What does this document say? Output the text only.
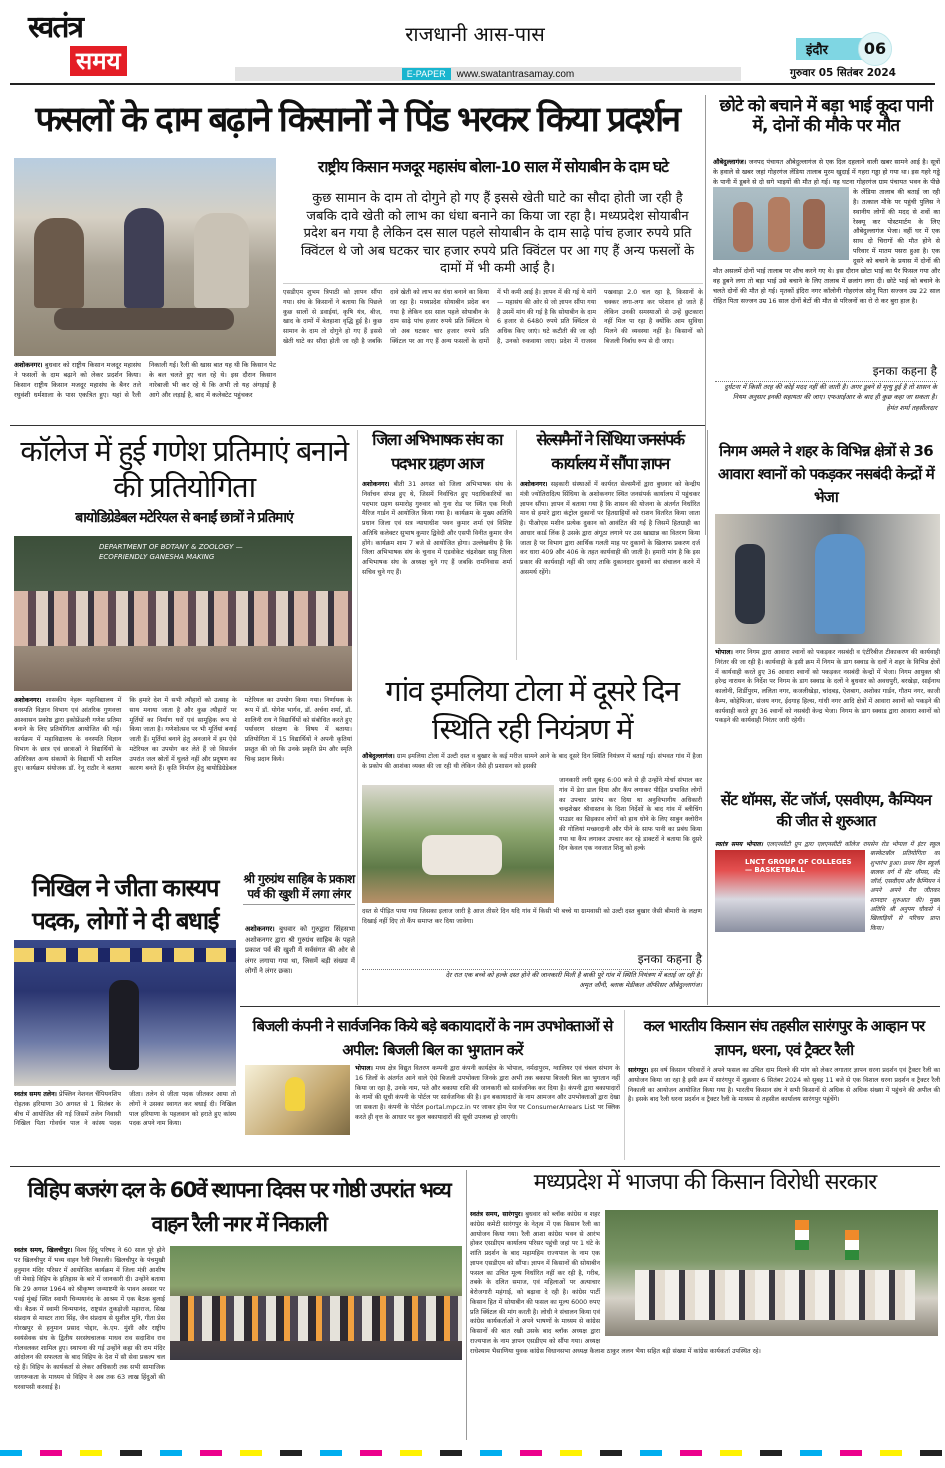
स्वतंत्र
समय
राजधानी आस-पास
E-PAPER	www.swatantrasamay.com
इंदौर	06
गुरुवार 05 सितंबर 2024
फसलों के दाम बढ़ाने किसानों ने पिंड भरकर किया प्रदर्शन
अशोकनगर। बुधवार को राष्ट्रीय किसान मजदूर महासंघ ने फसलों के दाम बढ़ाने को लेकर प्रदर्शन किया। किसान राष्ट्रीय किसान मजदूर महासंघ के बैनर तले रघुवंशी धर्मशाला के पास एकत्रित हुए। यहां से रैली निकाली गई। रैली की खास बात यह थी कि किसान पेट के बल चलते हुए चल रहे थे। इस दौरान किसान नारेबाजी भी कर रहे थे कि अभी तो यह अंगड़ाई है आगे और लड़ाई है, बाद में कलेक्टेट पहुंचकर
राष्ट्रीय किसान मजदूर महासंघ बोला-10 साल में सोयाबीन के दाम घटे
कुछ सामान के दाम तो दोगुने हो गए हैं इससे खेती घाटे का सौदा होती जा रही है जबकि दावे खेती को लाभ का धंधा बनाने का किया जा रहा है। मध्यप्रदेश सोयाबीन प्रदेश बन गया है लेकिन दस साल पहले सोयाबीन के दाम साढ़े पांच हजार रुपये प्रति क्विंटल थे जो अब घटकर चार हजार रुपये प्रति क्विंटल पर आ गए हैं अन्य फसलों के दामों में भी कमी आई है।
एसडीएम शुभम त्रिपाठी को ज्ञापन सौंपा गया। संघ के किसानों ने बताया कि पिछले कुछ सालों से डवाईयां, कृषि यंत्र, बीज, खाद के दामों में बेतहाशा वृद्धि हुई है। कुछ सामान के दाम तो दोगुने हो गए हैं इससे खेती घाटे का सौदा होती जा रही है जबकि दावे खेती को लाभ का धंधा बनाने का किया जा रहा है। मध्यप्रदेश सोयाबीन प्रदेश बन गया है लेकिन दस साल पहले सोयाबीन के दाम साढ़े पांच हजार रुपये प्रति क्विंटल थे जो अब घटकर चार हजार रुपये प्रति क्विंटल पर आ गए हैं अन्य फसलों के दामों में भी कमी आई है। ज्ञापन में की गई ये मांगें — महासंघ की ओर से जो ज्ञापन सौंपा गया है उसमें मांग की गई है कि सोयाबीन के दाम 6 हजार से 6480 रुपये प्रति क्विंटल से अधिक किए जाएं। घटे कटौती की जा रही है, उनको रुकवाया जाए। प्रदेश में राजस्व पखवाड़ा 2.0 चल रहा है, किसानों के चक्कर लगा-लगा कर परेशान हो जाते हैं लेकिन उनकी समस्याओं से उन्हें छुटकारा नहीं मिल पा रहा है क्योंकि आम सुविधा मिलने की व्यवस्था नहीं है। किसानों को बिजली निर्बाध रूप से दी जाए।
छोटे को बचाने में बड़ा भाई कूदा पानी में, दोनों की मौके पर मौत
औबेदुल्लागंज। जनपद पंचायत औबेदुल्लागंज से एक दिल दहलाने वाली खबर सामने आई है। सूत्रों के हवाले से खबर जहां गोहरगंज लेंडिया तालाब मुरम खुदाई में गहरा गड्ढा हो गया था। इस गहरे गड्ढे के पानी में डूबने से दो सगे भाइयों की मौत हो गई। यह घटना गोहरगंज ग्राम पंचायत भवन के पीछे के लेंडिया तालाब की बताई जा रही है। तत्काल मौके पर पहुंची पुलिस ने स्थानीय लोगों की मदद से शवों का रेस्क्यू कर पोस्टमार्टम के लिए औबेदुल्लागंज भेजा। वहीं घर में एक साथ दो चिरागों की मौत होने से परिवार में मातम पसरा हुआ है। एक दूसरे को बचाने के प्रयास में दोनों की मौत असलमें दोनों भाई तालाब पर शौच करने गए थे। इस दौरान छोटा भाई का पैर फिसल गया और वह डूबने लगा तो बड़ा भाई उसे बचाने के लिए तालाब में छलांग लगा दी। छोटे भाई को बचाने के चलते दोनों की मौत हो गई। मृतकों इंदिरा नगर कॉलोनी गोहरगंज सोनू पिता सज्जन उम्र 22 साल रोहित पिता सज्जन उम्र 16 साल दोनों बेटों की मौत से परिजनों का रो रो कर बुरा हाल है।
इनका कहना है
दुर्घटना में किसी तरह की कोई मदद नहीं की जाती है। अगर डूबने से मृत्यु हुई है तो शासन के नियम अनुसार इनकी सहायता की जाए। एफआईआर के बाद ही कुछ कहा जा सकता है।
हेमंत शर्मा तहसीलदार
कॉलेज में हुई गणेश प्रतिमाएं बनाने की प्रतियोगिता
बायोडिग्रेडेबल मटेरियल से बनाईं छात्रों ने प्रतिमाएं
DEPARTMENT OF BOTANY & ZOOLOGY — ECOFRIENDLY GANESHA MAKING
अशोकनगर। शासकीय नेहरू महाविद्यालय में वनस्पति विज्ञान विभाग एवं आंतरिक गुणवत्ता आश्वासन प्रकोष्ठ द्वारा इकोफ्रेंडली गणेश प्रतिमा बनाने के लिए प्रतियोगिता आयोजित की गई। कार्यक्रम में महाविद्यालय के वनस्पति विज्ञान विभाग के छात्र एवं छात्राओं ने विद्यार्थियों के अतिरिक्त अन्य संकायों के विद्यार्थी भी शामिल हुए। कार्यक्रम संयोजक डॉ. रेनू राठौर ने बताया कि हमारे देश में सभी त्यौहारों को उत्साह के साथ मनाया जाता है और कुछ त्यौहारों पर मूर्तियों का निर्माण घरों एवं सामूहिक रूप से किया जाता है। गणेशोत्सव पर भी मूर्तियां बनाई जाती हैं। मूर्तियां बनाने हेतु अनजाने में हम ऐसे मटेरियल का उपयोग कर लेते हैं जो विसर्जन उपरांत जल स्रोतों में घुलते नहीं और प्रदूषण का कारण बनते हैं। कृति निर्माण हेतु बायोडिग्रेडेबल मटेरियल का उपयोग किया गया। निर्णायक के रूप में डॉ. योगेश भार्गव, डॉ. अर्चना शर्मा, डॉ. शालिनी राय ने विद्यार्थियों को संबोधित करते हुए पर्यावरण संरक्षण के विषय में बताया। प्रतियोगिता में 15 विद्यार्थियों ने अपनी कृतियां प्रस्तुत की जो कि उनके प्रकृति प्रेम और स्मृति चिन्ह प्रदान किये।
जिला अभिभाषक संघ का पदभार ग्रहण आज
अशोकनगर। बीती 31 अगस्त को जिला अभिभाषक संघ के निर्वाचन संपन्न हुए थे, जिसमें निर्वाचित हुए पदाधिकारियों का पदभार ग्रहण समारोह गुरुवार को गुना रोड पर स्थित एक निजी मैरिज गार्डन में आयोजित किया गया है। कार्यक्रम के मुख्य अतिथि प्रधान जिला एवं सत्र न्यायाधीश पवन कुमार शर्मा एवं विशिष्ट अतिथि कलेक्टर सुभाष कुमार द्विवेदी और एसपी विनीत कुमार जैन होंगे। कार्यक्रम शाम 7 बजे से आयोजित होगा। उल्लेखनीय है कि जिला अभिभाषक संघ के चुनाव में एडवोकेट चंद्रशेखर साहू जिला अभिभाषक संघ के अध्यक्ष चुने गए हैं जबकि रामनिवास शर्मा सचिव चुने गए हैं।
सेल्समैनों ने सिंधिया जनसंपर्क कार्यालय में सौंपा ज्ञापन
अशोकनगर। सहकारी संस्थाओं में कार्यरत सेल्समैनों द्वारा बुधवार को केन्द्रीय मंत्री ज्योतिरादित्य सिंधिया के अशोकनगर स्थित जनसंपर्क कार्यालय में पहुंचकर ज्ञापन सौंपा। ज्ञापन में बताया गया है कि शासन की योजना के अंतर्गत निर्धारित मान से हमारे द्वारा कंट्रोल दुकानों पर हितग्राहियों को राशन वितरित किया जाता है। पीओएस मशीन प्रत्येक दुकान को आवंटित की गई है जिसमें हितग्राही का आधार कार्ड लिंक है उसके द्वारा अंगूठा लगाने पर उस खाद्यान्न का वितरण किया जाता है पर विभाग द्वारा आर्थिक गलती माह पर दुकानों के खिलाफ प्रकरण दर्ज कर धारा 409 और 406 के तहत कार्यवाही की जाती है। हमारी मांग है कि इस प्रकार की कार्यवाही नहीं की जाए ताकि दुकानदार दुकानों का संचालन करने में असमर्थ रहेंगे।
निगम अमले ने शहर के विभिन्न क्षेत्रों से 36 आवारा श्वानों को पकड़कर नसबंदी केन्द्रों में भेजा
भोपाल। नगर निगम द्वारा आवारा श्वानों को पकड़कर नसबंदी व एंटीरैबीज टीकाकरण की कार्यवाही निरंतर की जा रही है। कार्यवाही के इसी क्रम में निगम के डाग स्क्वाड के दलों ने शहर के विभिन्न क्षेत्रों में कार्यवाही करते हुए 36 आवारा श्वानों को पकड़कर नसबंदी केन्द्रों में भेजा। निगम आयुक्त श्री हरेन्द्र नारायन के निर्देश पर निगम के डाग स्क्वाड के दलों ने बुधवार को अवधपुरी, बरखेड़ा, साईंनाथ कालोनी, शिर्डीपुरम, ललिता नगर, कजलीखेड़ा, चांदबड़, ऐशबाग, अशोका गार्डन, गौतम नगर, काजी कैम्प, कोहेफिजा, संजय नगर, ईदगाह हिल्स, गांधी नगर आदि क्षेत्रों में आवारा श्वानों को पकड़ने की कार्यवाही करते हुए 36 श्वानों को नसबंदी केन्द्र भेजा। निगम के डाग स्क्वाड द्वारा आवारा श्वानों को पकड़ने की कार्यवाही निरंतर जारी रहेगी।
सेंट थॉमस, सेंट जॉर्ज, एसवीएम, कैम्पियन की जीत से शुरुआत
LNCT GROUP OF COLLEGES — BASKETBALL
स्वतंत्र समय भोपाल। एलएनसीटी ग्रुप द्वारा एलएनसीटी कॉलेज रायसेन रोड भोपाल में इंटर स्कूल बास्केटबॉल प्रतियोगिता का शुभारंभ हुआ। प्रथम दिन स्कूली बालक वर्ग में सेंट थॉमस, सेंट जॉर्ज, एसवीएम और कैम्पियन ने अपने अपने मैच जीतकर शानदार शुरुआत की। मुख्य अतिथि श्री अनुपम चौकसे ने खिलाड़ियों से परिचय प्राप्त किया।
गांव इमलिया टोला में दूसरे दिन स्थिति रही नियंत्रण में
औबेदुल्लागंज। ग्राम इमलिया टोला में उल्टी दस्त व बुखार के कई मरीज सामने आने के बाद दूसरे दिन स्थिति नियंत्रण में बताई गई। संभवत गांव में हैजा के प्रकोप की आशंका व्यक्त की जा रही थी लेकिन जैसे ही प्रशासन को इसकी
जानकारी लगी सुबह 6:00 बजे से ही उन्होंने मोर्चा संभाल कर गांव में डेरा डाल दिया और कैंप लगाकर पीड़ित प्रभावित लोगों का उपचार प्रारंभ कर दिया था अनुविभागीय अधिकारी चन्द्रशेखर श्रीवास्तव के दिशा निर्देशों के बाद गांव में ब्लीचिंग पाउडर का छिड़काव लोगों को हाथ धोने के लिए साबुन क्लोरीन की गोलियां मच्छरदानी और पीने के साफ पानी का प्रबंध किया गया था कैंप लगाकर उपचार कर रहे डाक्टरों ने बताया कि दूसरे दिन केवल एक नवजात शिशु को हल्के
दस्त से पीड़ित पाया गया जिसका इलाज जारी है आज तीसरे दिन यदि गांव में किसी भी बच्चे या ग्रामवासी को उल्टी दस्त बुखार जैसी बीमारी के लक्षण दिखाई नहीं दिए तो कैंप समाप्त कर दिया जावेगा।
इनका कहना है
देर रात एक बच्चे को हल्के दस्त होने की जानकारी मिली है बाकी पूरे गांव में स्थिति नियंत्रण में बताई जा रही है।
अमृत जौनी, ब्लाक मेडीकल ऑफीसर औबेदुल्लागंज।
निखिल ने जीता कास्यप पदक, लोगों ने दी बधाई
स्वतंत्र समय तलेन। प्रेफ्लिन नेशनल चैंपियनशिप रोहतक हरियाणा 30 अगस्त से 1 सितंबर के बीच में आयोजित की गई जिसमें तलेन निवासी निखिल पिता गोवर्धन पाल ने कांस्य पदक जीता। तलेन से जीता पदक जीतकर आया तो लोगों ने उसका स्वागत कर बधाई दी। निखिल पाल हरियाणा के पहलवान को हराते हुए कांस्य पदक अपने नाम किया।
श्री गुरुग्रंथ साहिब के प्रकाश पर्व की खुशी में लगा लंगर
अशोकनगर। बुधवार को गुरुद्वारा सिंहसभा अशोकनगर द्वारा श्री गुरुग्रंथ साहिब के पहले प्रकाश पर्व की खुशी में सर्वसंगत की ओर से लंगर लगाया गया था, जिसमें बड़ी संख्या में लोगों ने लंगर छका।
बिजली कंपनी ने सार्वजनिक किये बड़े बकायादारों के नाम उपभोक्ताओं से अपील: बिजली बिल का भुगतान करें
भोपाल। मध्य क्षेत्र विद्युत वितरण कम्पनी द्वारा कंपनी कार्यक्षेत्र के भोपाल, नर्मदापुरम, ग्वालियर एवं चंबल संभाग के 16 जिलों के अंतर्गत आने वाले ऐसे बिजली उपभोक्ता जिनके द्वारा अभी तक बकाया बिजली बिल का भुगतान नहीं किया जा रहा है, उनके नाम, पते और बकाया राशि की जानकारी को सार्वजनिक कर दिया है। कंपनी द्वारा बकायादारों के नामों की सूची कंपनी के पोर्टल पर सार्वजनिक की है। इन बकायादारों के नाम आमजन और उपभोक्ताओं द्वारा देखा जा सकता है। कंपनी के पोर्टल portal.mpcz.in पर जाकर होम पेज पर ConsumerArrears List पर क्लिक करते ही वृत्त के आधार पर कुल बकायादारों की सूची उपलब्ध हो जाएगी।
कल भारतीय किसान संघ तहसील सारंगपुर के आव्हान पर ज्ञापन, धरना, एवं ट्रैक्टर रैली
सारंगपुर। इस वर्ष किसान परिवारों ने अपने फसल का उचित दाम मिलने की मांग को लेकर लगातार ज्ञापन धरना प्रदर्शन एवं ट्रैक्टर रैली का आयोजन किया जा रहा है इसी क्रम में सारंगपुर में शुक्रवार 6 सितंबर 2024 को सुबह 11 बजे से एक विशाल धरना प्रदर्शन व ट्रैक्टर रैली निकाली का आयोजन आयोजित किया गया है। भारतीय किसान संघ ने सभी किसानों से अधिक से अधिक संख्या में पहुंचने की अपील की है। इसके बाद रैली धरना प्रदर्शन व ट्रैक्टर रैली के माध्यम से तहसील कार्यालय सारंगपुर पहुंचेंगे।
विहिप बजरंग दल के 60वें स्थापना दिवस पर गोष्ठी उपरांत भव्य वाहन रैली नगर में निकाली
स्वतंत्र समय, खिलचीपुर। विश्व हिंदू परिषद ने 60 साल पूरे होने पर खिलचीपुर में भव्य वाहन रैली निकाली। खिलचीपुर के पंचमुखी हनुमान मंदिर परिसर में आयोजित कार्यक्रम में जिला मंत्री आशीष जी मेवाड़े विहिप के इतिहास के बारे में जानकारी दी। उन्होंने बताया कि 29 अगस्त 1964 को श्रीकृष्ण जन्माष्टमी के पावन अवसर पर पवई मुंबई स्थित स्वामी चिन्मयानंद के आश्रम में एक बैठक बुलाई थी। बैठक में स्वामी चिन्मयानंद, राष्ट्रसंत तुकड़ोजी महाराज, सिख संप्रदाय से मास्टर तारा सिंह, जैन संप्रदाय से सुशील मुनि, गीता प्रेस गोरखपुर से हनुमान प्रसाद पोद्दार, के.एम. मुंशी और राष्ट्रीय स्वयंसेवक संघ के द्वितीय सरसंघचालक माधव राव सदाशिव राव गोलवलकर शामिल हुए। स्थापना की गई उन्होंने कहा की राम मंदिर आंदोलन की सफलता के बाद विहिप के देश में सौ सेवा प्रकल्प चल रहे हैं। विहिप के कार्यकर्ता से लेकर अधिकारी तक सभी सामाजिक जागरूकता के माध्यम से विहिप ने अब तक 63 लाख हिंदुओं की घरवापसी करवाई है।
मध्यप्रदेश में भाजपा की किसान विरोधी सरकार
स्वतंत्र समय, सारंगपुर। बुधवार को ब्लॉक कांग्रेस व शहर कांग्रेस कमेटी सारंगपुर के नेतृत्व में एक किसान रैली का आयोजन किया गया। रैली आशा कांग्रेस भवन से आरंभ होकर एसडीएम कार्यालय परिसर पहुंची जहां पर 1 घंटे के शांति प्रदर्शन के बाद महामहिम राज्यपाल के नाम एक ज्ञापन एसडीएम को सौंपा। ज्ञापन में किसानों की सोयाबीन फसल का उचित मूल्य निर्धारित नहीं कर रही है, गरीब, तबके के दलित समाज, एवं महिलाओं पर अत्याचार बेरोजगारी महंगाई, को बढ़ावा दे रही है। कांग्रेस पार्टी किसान हित में सोयाबीन की फसल का मूल्य 6000 रुपए प्रति क्विंटल की मांग करती है। लोधी ने संचालन किया एवं कांग्रेस कार्यकर्ताओं ने अपने भाषणों के माध्यम से कांग्रेस किसानों की बात रखी उसके बाद ब्लॉक अध्यक्ष द्वारा राज्यपाल के नाम ज्ञापन एसडीएम को सौंपा गया। अध्यक्ष राधेश्याम भैसाणिया युवक कांग्रेस विधानसभा अध्यक्ष कैलाश ठाकुर ललन भैया सहित बड़ी संख्या में कांग्रेस कार्यकर्ता उपस्थित रहे।
